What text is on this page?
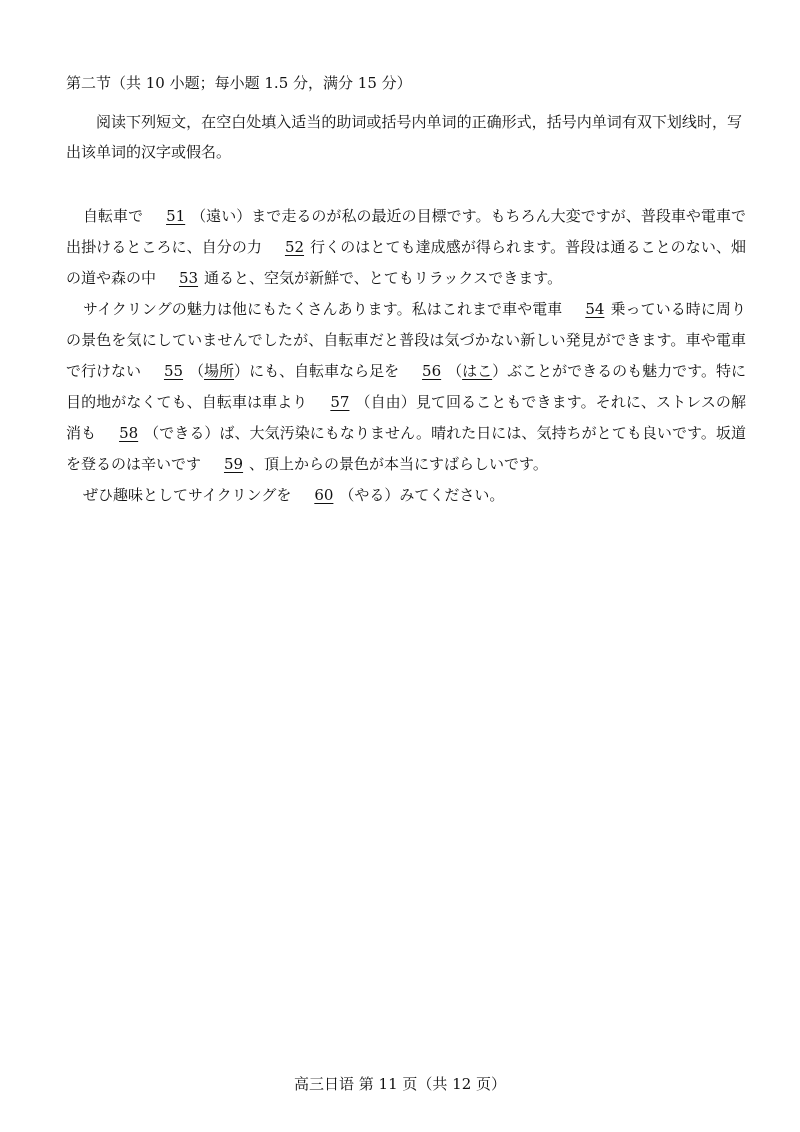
第二节（共 10 小题；每小题 1.5 分，满分 15 分）
阅读下列短文，在空白处填入适当的助词或括号内单词的正确形式，括号内单词有双下划线时，写出该单词的汉字或假名。

自転車で 51 （遠い）まで走るのが私の最近の目標です。もちろん大変ですが、普段車や電車で出掛けるところに、自分の力 52 行くのはとても達成感が得られます。普段は通ることのない、畑の道や森の中 53 通ると、空気が新鮮で、とてもリラックスできます。

サイクリングの魅力は他にもたくさんあります。私はこれまで車や電車 54 乗っている時に周りの景色を気にしていませんでしたが、自転車だと普段は気づかない新しい発見ができます。車や電車で行けない 55 （場所）にも、自転車なら足を 56 （はこ）ぶことができるのも魅力です。特に目的地がなくても、自転車は車より 57 （自由）見て回ることもできます。それに、ストレスの解消も 58 （できる）ば、大気汚染にもなりません。晴れた日には、気持ちがとても良いです。坂道を登るのは辛いです 59 、頂上からの景色が本当にすばらしいです。

ぜひ趣味としてサイクリングを 60 （やる）みてください。

高三日语 第 11 页（共 12 页）
